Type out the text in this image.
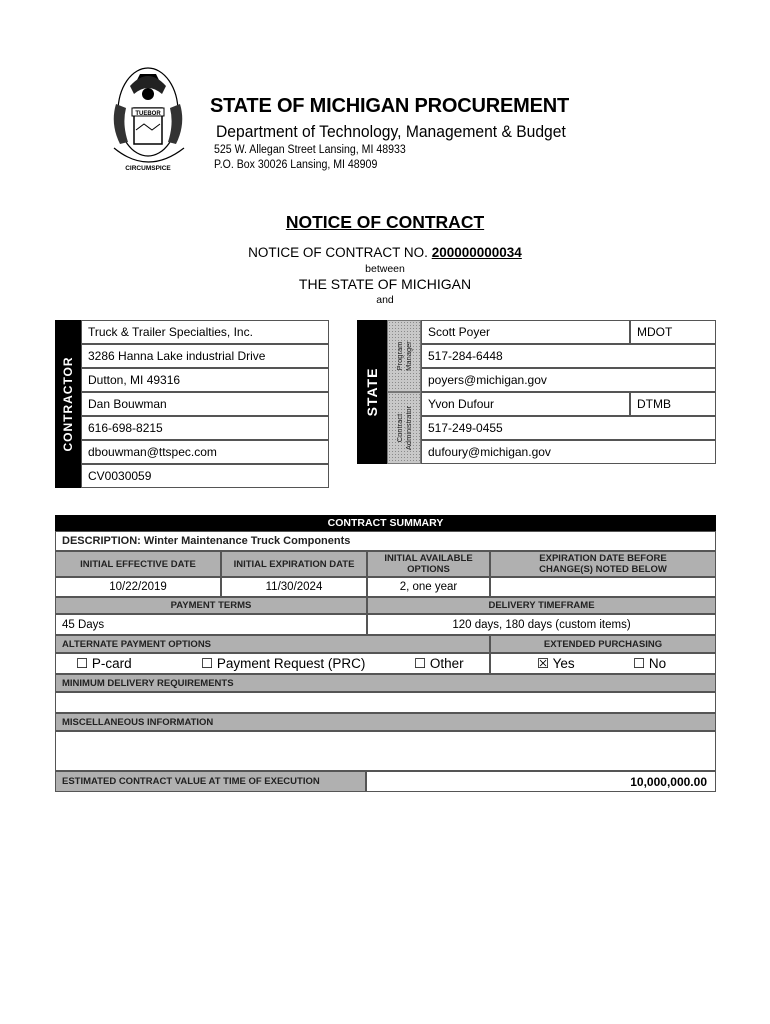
TUEBOR
CIRCUMSPICE
STATE OF MICHIGAN PROCUREMENT
Department of Technology, Management & Budget
525 W. Allegan Street Lansing, MI 48933
P.O. Box 30026 Lansing, MI 48909
NOTICE OF CONTRACT
NOTICE OF CONTRACT NO. 200000000034
between
THE STATE OF MICHIGAN
and
CONTRACTOR
Truck & Trailer Specialties, Inc.
3286 Hanna Lake industrial Drive
Dutton, MI 49316
Dan Bouwman
616-698-8215
dbouwman@ttspec.com
CV0030059
STATE
Program Manager
Contract Administrator
Scott Poyer	MDOT
517-284-6448
poyers@michigan.gov
Yvon Dufour	DTMB
517-249-0455
dufoury@michigan.gov
CONTRACT SUMMARY
DESCRIPTION:
Winter Maintenance Truck Components
INITIAL EFFECTIVE DATE	INITIAL EXPIRATION DATE	INITIAL AVAILABLE OPTIONS
EXPIRATION DATE BEFORE CHANGE(S) NOTED BELOW
10/22/2019	11/30/2024	2, one year
PAYMENT TERMS	DELIVERY TIMEFRAME
45 Days	120 days, 180 days (custom items)
ALTERNATE PAYMENT OPTIONS	EXTENDED PURCHASING
☐ P-card	☐ Payment Request (PRC)	☐ Other	☒ Yes	☐ No
MINIMUM DELIVERY REQUIREMENTS
MISCELLANEOUS INFORMATION
ESTIMATED CONTRACT VALUE AT TIME OF EXECUTION	10,000,000.00
